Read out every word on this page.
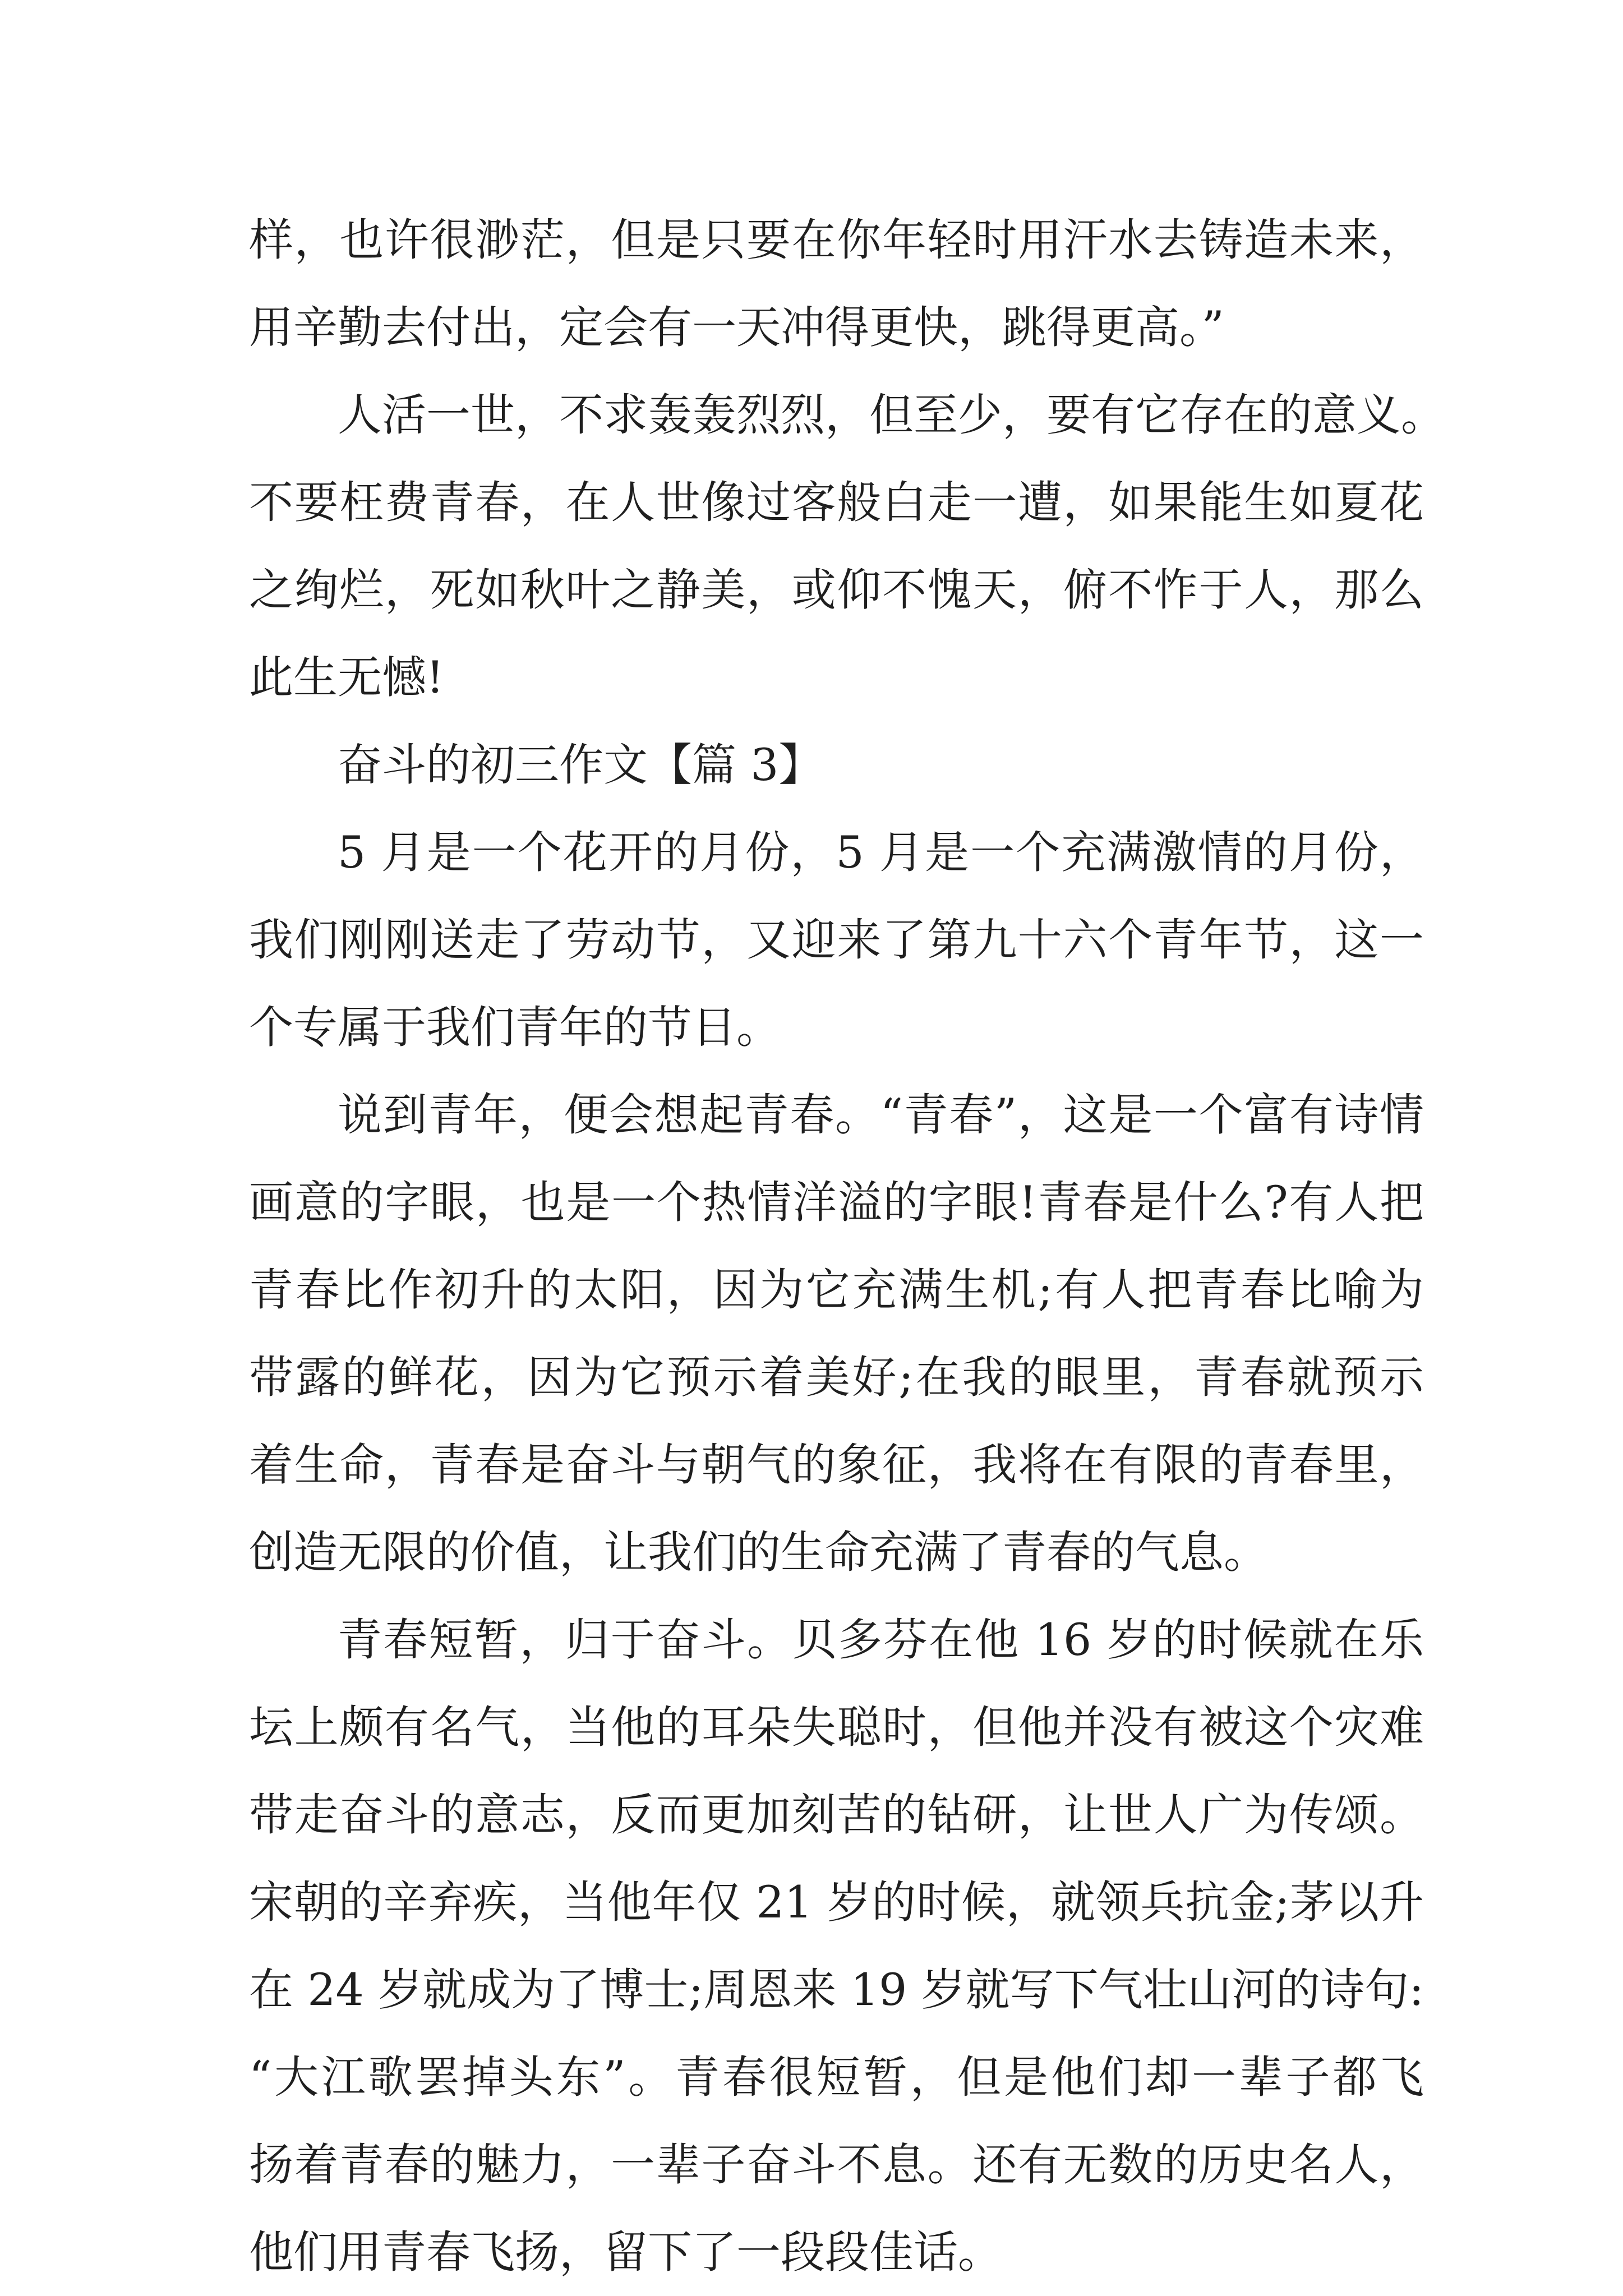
样，也许很渺茫，但是只要在你年轻时用汗水去铸造未来，
用辛勤去付出，定会有一天冲得更快，跳得更高。”
人活一世，不求轰轰烈烈，但至少，要有它存在的意义。
不要枉费青春，在人世像过客般白走一遭，如果能生如夏花
之绚烂，死如秋叶之静美，或仰不愧天，俯不怍于人，那么
此生无憾!
奋斗的初三作文【篇 3】
5 月是一个花开的月份，5 月是一个充满激情的月份，
我们刚刚送走了劳动节，又迎来了第九十六个青年节，这一
个专属于我们青年的节日。
说到青年，便会想起青春。“青春”，这是一个富有诗情
画意的字眼，也是一个热情洋溢的字眼!青春是什么?有人把
青春比作初升的太阳，因为它充满生机;有人把青春比喻为
带露的鲜花，因为它预示着美好;在我的眼里，青春就预示
着生命，青春是奋斗与朝气的象征，我将在有限的青春里，
创造无限的价值，让我们的生命充满了青春的气息。
青春短暂，归于奋斗。贝多芬在他 16 岁的时候就在乐
坛上颇有名气，当他的耳朵失聪时，但他并没有被这个灾难
带走奋斗的意志，反而更加刻苦的钻研，让世人广为传颂。
宋朝的辛弃疾，当他年仅 21 岁的时候，就领兵抗金;茅以升
在 24 岁就成为了博士;周恩来 19 岁就写下气壮山河的诗句:
“大江歌罢掉头东”。青春很短暂，但是他们却一辈子都飞
扬着青春的魅力，一辈子奋斗不息。还有无数的历史名人，
他们用青春飞扬，留下了一段段佳话。
